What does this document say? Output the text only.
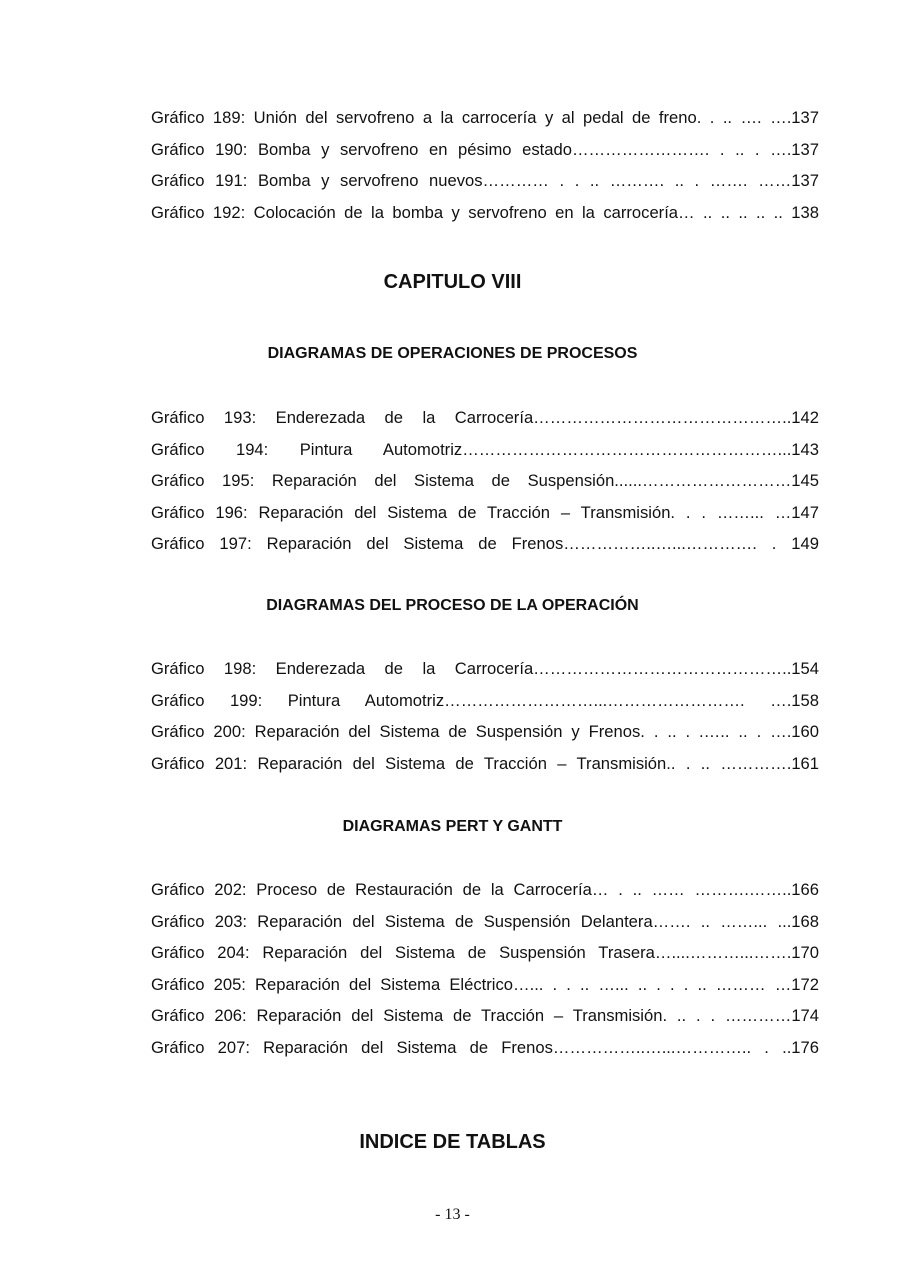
Gráfico 189: Unión del servofreno a la carrocería y al pedal de freno. . .. …. ….137
Gráfico 190: Bomba y servofreno en pésimo estado……………………. . .. . ….137
Gráfico 191: Bomba y servofreno nuevos………… . . .. ………. .. . ……. ……137
Gráfico 192: Colocación de la bomba y servofreno en la carrocería… .. .. .. .. .. 138
CAPITULO VIII
DIAGRAMAS DE OPERACIONES DE PROCESOS
Gráfico 193: Enderezada de la Carrocería………………………………………..142
Gráfico 194: Pintura Automotriz…………………………………………………...143
Gráfico 195: Reparación del Sistema de Suspensión......………………………145
Gráfico 196: Reparación del Sistema de Tracción – Transmisión. . . ……... …147
Gráfico 197: Reparación del Sistema de Frenos……………..…...…………. . 149
DIAGRAMAS DEL PROCESO DE LA OPERACIÓN
Gráfico 198: Enderezada de la Carrocería………………………………………..154
Gráfico 199: Pintura Automotriz………………………...……………………. ….158
Gráfico 200: Reparación del Sistema de Suspensión y Frenos. . .. . .….. .. . ….160
Gráfico 201: Reparación del Sistema de Tracción – Transmisión.. . .. ………….161
DIAGRAMAS PERT Y GANTT
Gráfico 202: Proceso de Restauración de la Carrocería… . .. …… ……….……..166
Gráfico 203: Reparación del Sistema de Suspensión Delantera……. .. ……... ...168
Gráfico 204: Reparación del Sistema de Suspensión Trasera…....………...…….170
Gráfico 205: Reparación del Sistema Eléctrico…... . . .. …... .. . . . .. ……… …172
Gráfico 206: Reparación del Sistema de Tracción – Transmisión. .. . . …………174
Gráfico 207: Reparación del Sistema de Frenos……………..…...………….. . ..176
INDICE DE TABLAS
- 13 -
